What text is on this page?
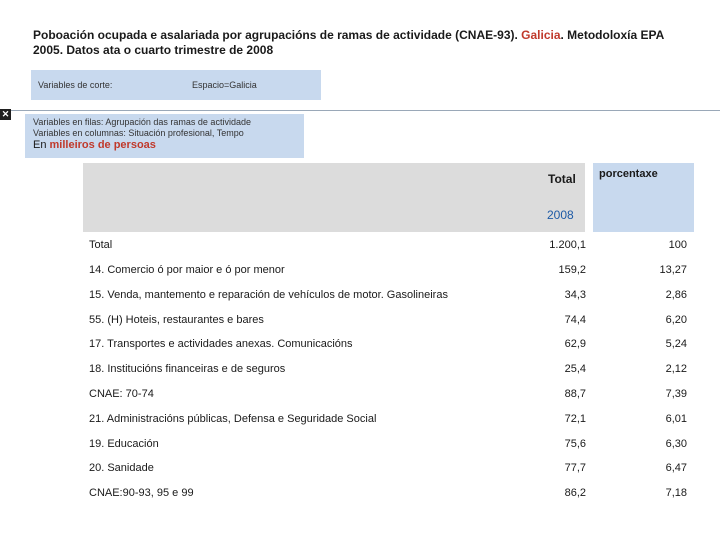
Poboación ocupada e asalariada por agrupacións de ramas de actividade (CNAE-93). Galicia. Metodoloxía EPA
2005. Datos ata o cuarto trimestre de 2008
Variables de corte:	Espacio=Galicia
✕
Variables en filas: Agrupación das ramas de actividade
Variables en columnas: Situación profesional, Tempo
En milleiros de persoas
Total
2008
porcentaxe
Total	1.200,1	100
14. Comercio ó por maior e ó por menor	159,2	13,27
15. Venda, mantemento e reparación de vehículos de motor. Gasolineiras	34,3	2,86
55. (H) Hoteis, restaurantes e bares	74,4	6,20
17. Transportes e actividades anexas. Comunicacións	62,9	5,24
18. Institucións financeiras e de seguros	25,4	2,12
CNAE: 70-74	88,7	7,39
21. Administracións públicas, Defensa e Seguridade Social	72,1	6,01
19. Educación	75,6	6,30
20. Sanidade	77,7	6,47
CNAE:90-93, 95 e 99	86,2	7,18
